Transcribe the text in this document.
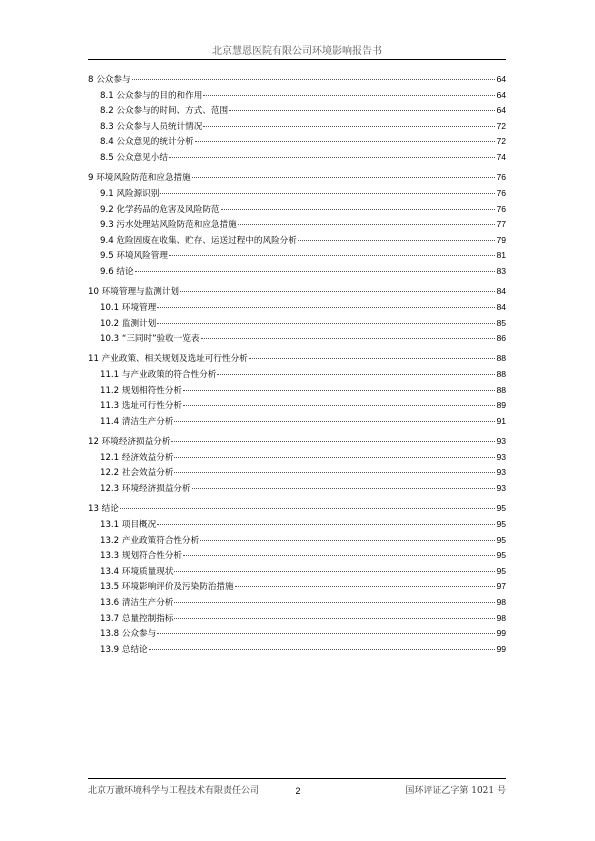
北京慧恩医院有限公司环境影响报告书
8 公众参与	64
8.1 公众参与的目的和作用	64
8.2 公众参与的时间、方式、范围	64
8.3 公众参与人员统计情况	72
8.4 公众意见的统计分析	72
8.5 公众意见小结	74
9 环境风险防范和应急措施	76
9.1 风险源识别	76
9.2 化学药品的危害及风险防范	76
9.3 污水处理站风险防范和应急措施	77
9.4 危险固废在收集、贮存、运送过程中的风险分析	79
9.5 环境风险管理	81
9.6 结论	83
10 环境管理与监测计划	84
10.1 环境管理	84
10.2 监测计划	85
10.3 “三同时”验收一览表	86
11 产业政策、相关规划及选址可行性分析	88
11.1 与产业政策的符合性分析	88
11.2 规划相符性分析	88
11.3 选址可行性分析	89
11.4 清洁生产分析	91
12 环境经济损益分析	93
12.1 经济效益分析	93
12.2 社会效益分析	93
12.3 环境经济损益分析	93
13 结论	95
13.1 项目概况	95
13.2 产业政策符合性分析	95
13.3 规划符合性分析	95
13.4 环境质量现状	95
13.5 环境影响评价及污染防治措施	97
13.6 清洁生产分析	98
13.7 总量控制指标	98
13.8 公众参与	99
13.9 总结论	99
北京万澈环境科学与工程技术有限责任公司	2	国环评证乙字第 1021 号
